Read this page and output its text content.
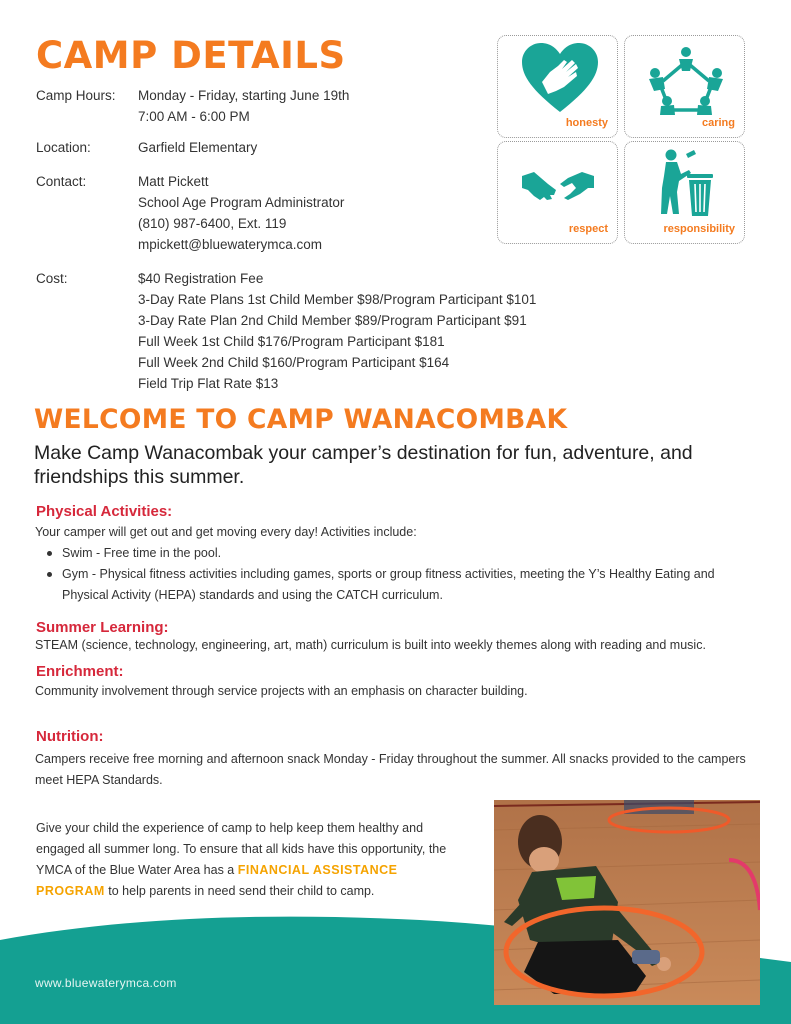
CAMP DETAILS
Camp Hours:	Monday - Friday, starting June 19th
7:00 AM - 6:00 PM
Location:	Garfield Elementary
Contact:	Matt Pickett
School Age Program Administrator
(810) 987-6400, Ext. 119
mpickett@bluewaterymca.com
Cost:	$40 Registration Fee
3-Day Rate Plans 1st Child Member $98/Program Participant $101
3-Day Rate Plan 2nd Child Member $89/Program Participant $91
Full Week 1st Child $176/Program Participant $181
Full Week 2nd Child $160/Program Participant $164
Field Trip Flat Rate $13
honesty	caring
respect	responsibility
WELCOME TO CAMP WANACOMBAK
Make Camp Wanacombak your camper’s destination for fun, adventure, and friendships this summer.
Physical Activities:
Your camper will get out and get moving every day! Activities include:
Swim - Free time in the pool.
Gym - Physical fitness activities including games, sports or group fitness activities, meeting the Y’s Healthy Eating and Physical Activity (HEPA) standards and using the CATCH curriculum.
Summer Learning:
STEAM (science, technology, engineering, art, math) curriculum is built into weekly themes along with reading and music.
Enrichment:
Community involvement through service projects with an emphasis on character building.
Nutrition:
Campers receive free morning and afternoon snack Monday - Friday throughout the summer. All snacks provided to the campers meet HEPA Standards.
www.bluewaterymca.com
Give your child the experience of camp to help keep them healthy and engaged all summer long. To ensure that all kids have this opportunity, the YMCA of the Blue Water Area has a FINANCIAL ASSISTANCE PROGRAM to help parents in need send their child to camp.
